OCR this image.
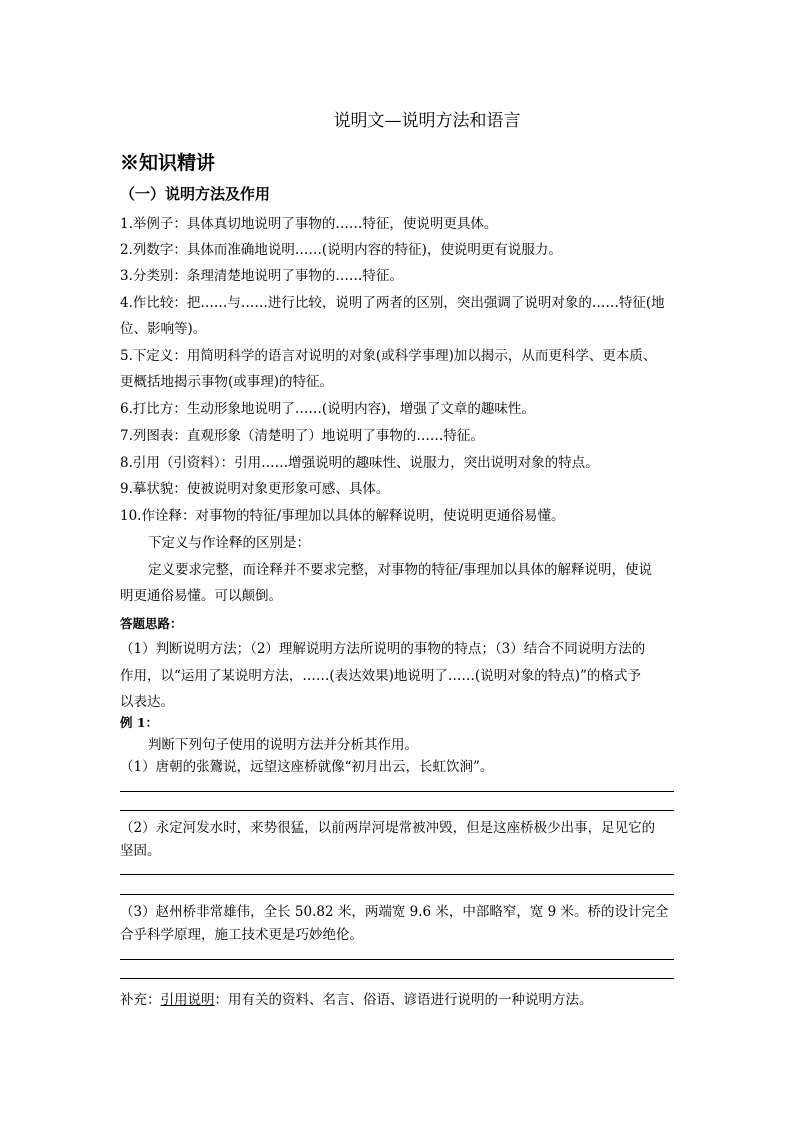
说明文—说明方法和语言
※知识精讲
（一）说明方法及作用
1.举例子：具体真切地说明了事物的……特征，使说明更具体。
2.列数字：具体而准确地说明……(说明内容的特征)，使说明更有说服力。
3.分类别：条理清楚地说明了事物的……特征。
4.作比较：把……与……进行比较，说明了两者的区别，突出强调了说明对象的……特征(地
位、影响等)。
5.下定义：用简明科学的语言对说明的对象(或科学事理)加以揭示，从而更科学、更本质、
更概括地揭示事物(或事理)的特征。
6.打比方：生动形象地说明了……(说明内容)，增强了文章的趣味性。
7.列图表：直观形象（清楚明了）地说明了事物的……特征。
8.引用（引资料）：引用……增强说明的趣味性、说服力，突出说明对象的特点。
9.摹状貌：使被说明对象更形象可感、具体。
10.作诠释：对事物的特征/事理加以具体的解释说明，使说明更通俗易懂。
下定义与作诠释的区别是：
定义要求完整，而诠释并不要求完整，对事物的特征/事理加以具体的解释说明，使说
明更通俗易懂。可以颠倒。
答题思路：
（1）判断说明方法；（2）理解说明方法所说明的事物的特点；（3）结合不同说明方法的
作用，以“运用了某说明方法，……(表达效果)地说明了……(说明对象的特点)”的格式予
以表达。
例 1：
判断下列句子使用的说明方法并分析其作用。
（1）唐朝的张鷟说，远望这座桥就像“初月出云，长虹饮涧”。
（2）永定河发水时，来势很猛，以前两岸河堤常被冲毁，但是这座桥极少出事，足见它的
坚固。
（3）赵州桥非常雄伟，全长 50.82 米，两端宽 9.6 米，中部略窄，宽 9 米。桥的设计完全
合乎科学原理，施工技术更是巧妙绝伦。
补充：引用说明：用有关的资料、名言、俗语、谚语进行说明的一种说明方法。
